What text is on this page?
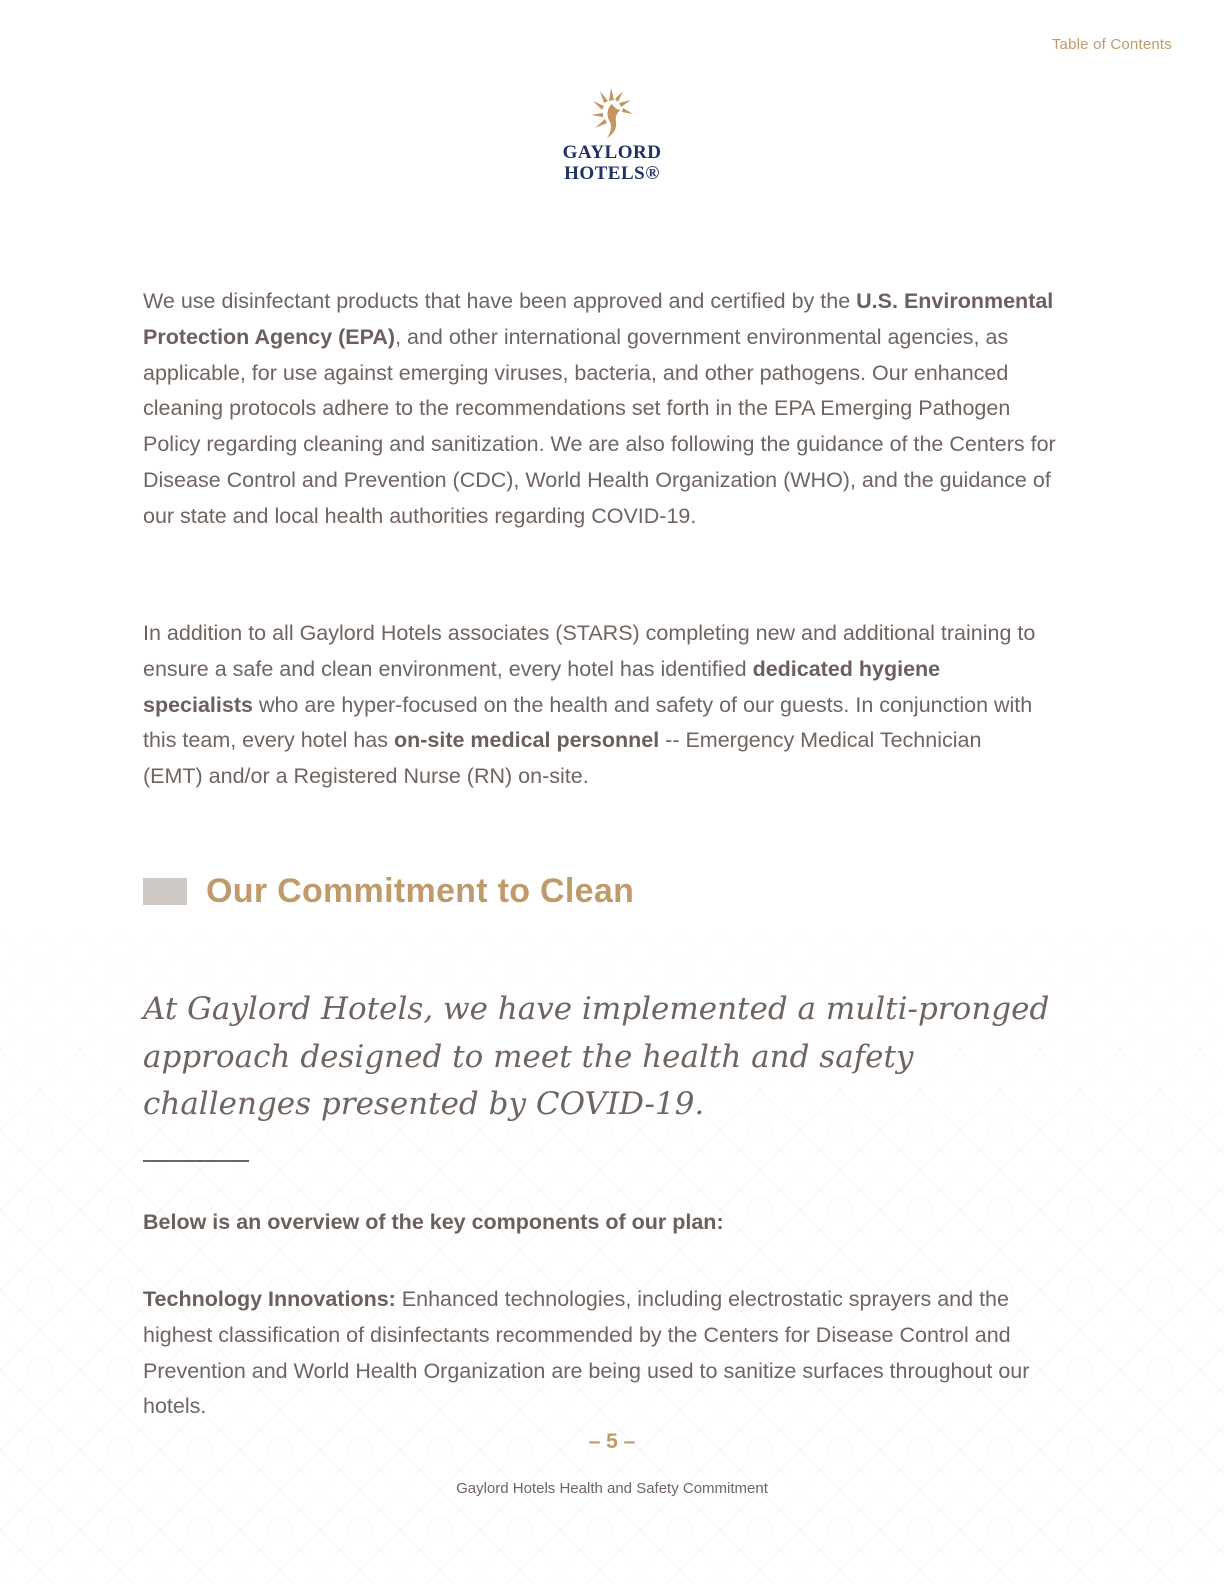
Table of Contents
GAYLORD
HOTELS®

We use disinfectant products that have been approved and certified by the U.S. Environmental Protection Agency (EPA), and other international government environmental agencies, as applicable, for use against emerging viruses, bacteria, and other pathogens. Our enhanced cleaning protocols adhere to the recommendations set forth in the EPA Emerging Pathogen Policy regarding cleaning and sanitization. We are also following the guidance of the Centers for Disease Control and Prevention (CDC), World Health Organization (WHO), and the guidance of our state and local health authorities regarding COVID-19.

In addition to all Gaylord Hotels associates (STARS) completing new and additional training to ensure a safe and clean environment, every hotel has identified dedicated hygiene specialists who are hyper-focused on the health and safety of our guests. In conjunction with this team, every hotel has on-site medical personnel -- Emergency Medical Technician (EMT) and/or a Registered Nurse (RN) on-site.

Our Commitment to Clean

At Gaylord Hotels, we have implemented a multi-pronged approach designed to meet the health and safety challenges presented by COVID-19.

Below is an overview of the key components of our plan:

Technology Innovations: Enhanced technologies, including electrostatic sprayers and the highest classification of disinfectants recommended by the Centers for Disease Control and Prevention and World Health Organization are being used to sanitize surfaces throughout our hotels.

– 5 –
Gaylord Hotels Health and Safety Commitment
